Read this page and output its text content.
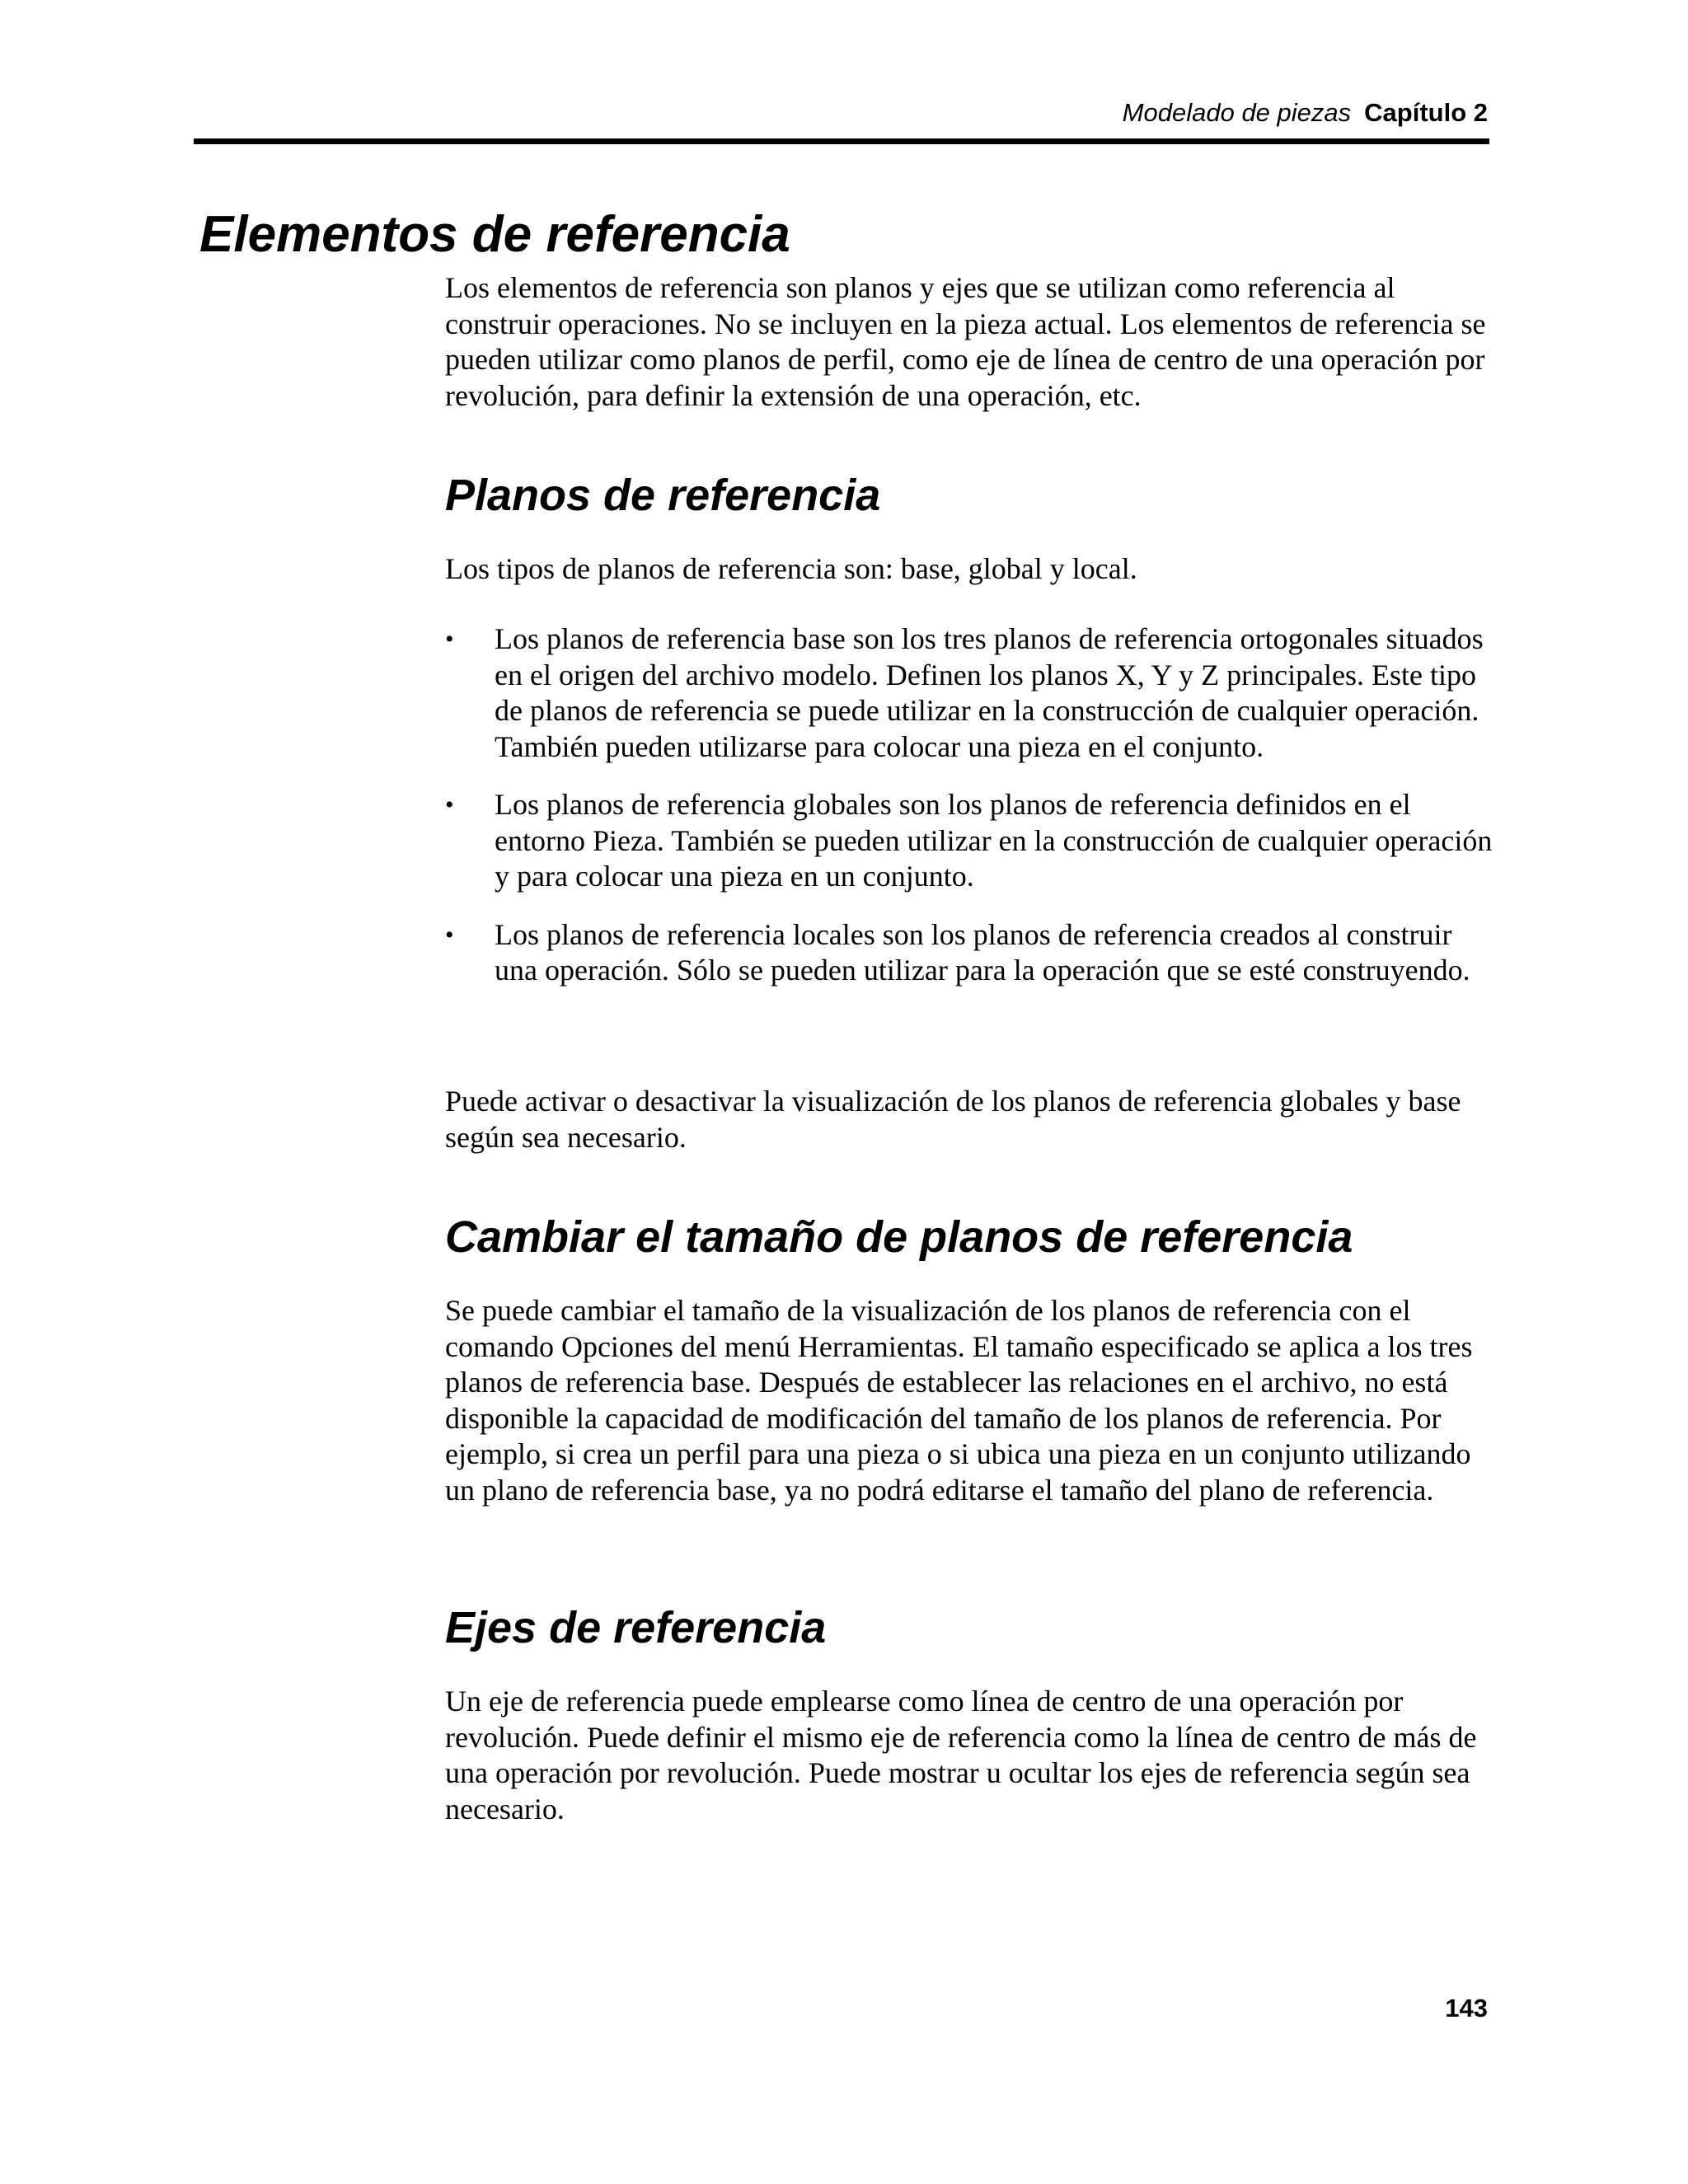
Modelado de piezas Capítulo 2
Elementos de referencia

Los elementos de referencia son planos y ejes que se utilizan como referencia al construir operaciones. No se incluyen en la pieza actual. Los elementos de referencia se pueden utilizar como planos de perfil, como eje de línea de centro de una operación por revolución, para definir la extensión de una operación, etc.

Planos de referencia

Los tipos de planos de referencia son: base, global y local.

•	Los planos de referencia base son los tres planos de referencia ortogonales situados en el origen del archivo modelo. Definen los planos X, Y y Z principales. Este tipo de planos de referencia se puede utilizar en la construcción de cualquier operación. También pueden utilizarse para colocar una pieza en el conjunto.
•	Los planos de referencia globales son los planos de referencia definidos en el entorno Pieza. También se pueden utilizar en la construcción de cualquier operación y para colocar una pieza en un conjunto.
•	Los planos de referencia locales son los planos de referencia creados al construir una operación. Sólo se pueden utilizar para la operación que se esté construyendo.

Puede activar o desactivar la visualización de los planos de referencia globales y base según sea necesario.

Cambiar el tamaño de planos de referencia

Se puede cambiar el tamaño de la visualización de los planos de referencia con el comando Opciones del menú Herramientas. El tamaño especificado se aplica a los tres planos de referencia base. Después de establecer las relaciones en el archivo, no está disponible la capacidad de modificación del tamaño de los planos de referencia. Por ejemplo, si crea un perfil para una pieza o si ubica una pieza en un conjunto utilizando un plano de referencia base, ya no podrá editarse el tamaño del plano de referencia.

Ejes de referencia

Un eje de referencia puede emplearse como línea de centro de una operación por revolución. Puede definir el mismo eje de referencia como la línea de centro de más de una operación por revolución. Puede mostrar u ocultar los ejes de referencia según sea necesario.

143
